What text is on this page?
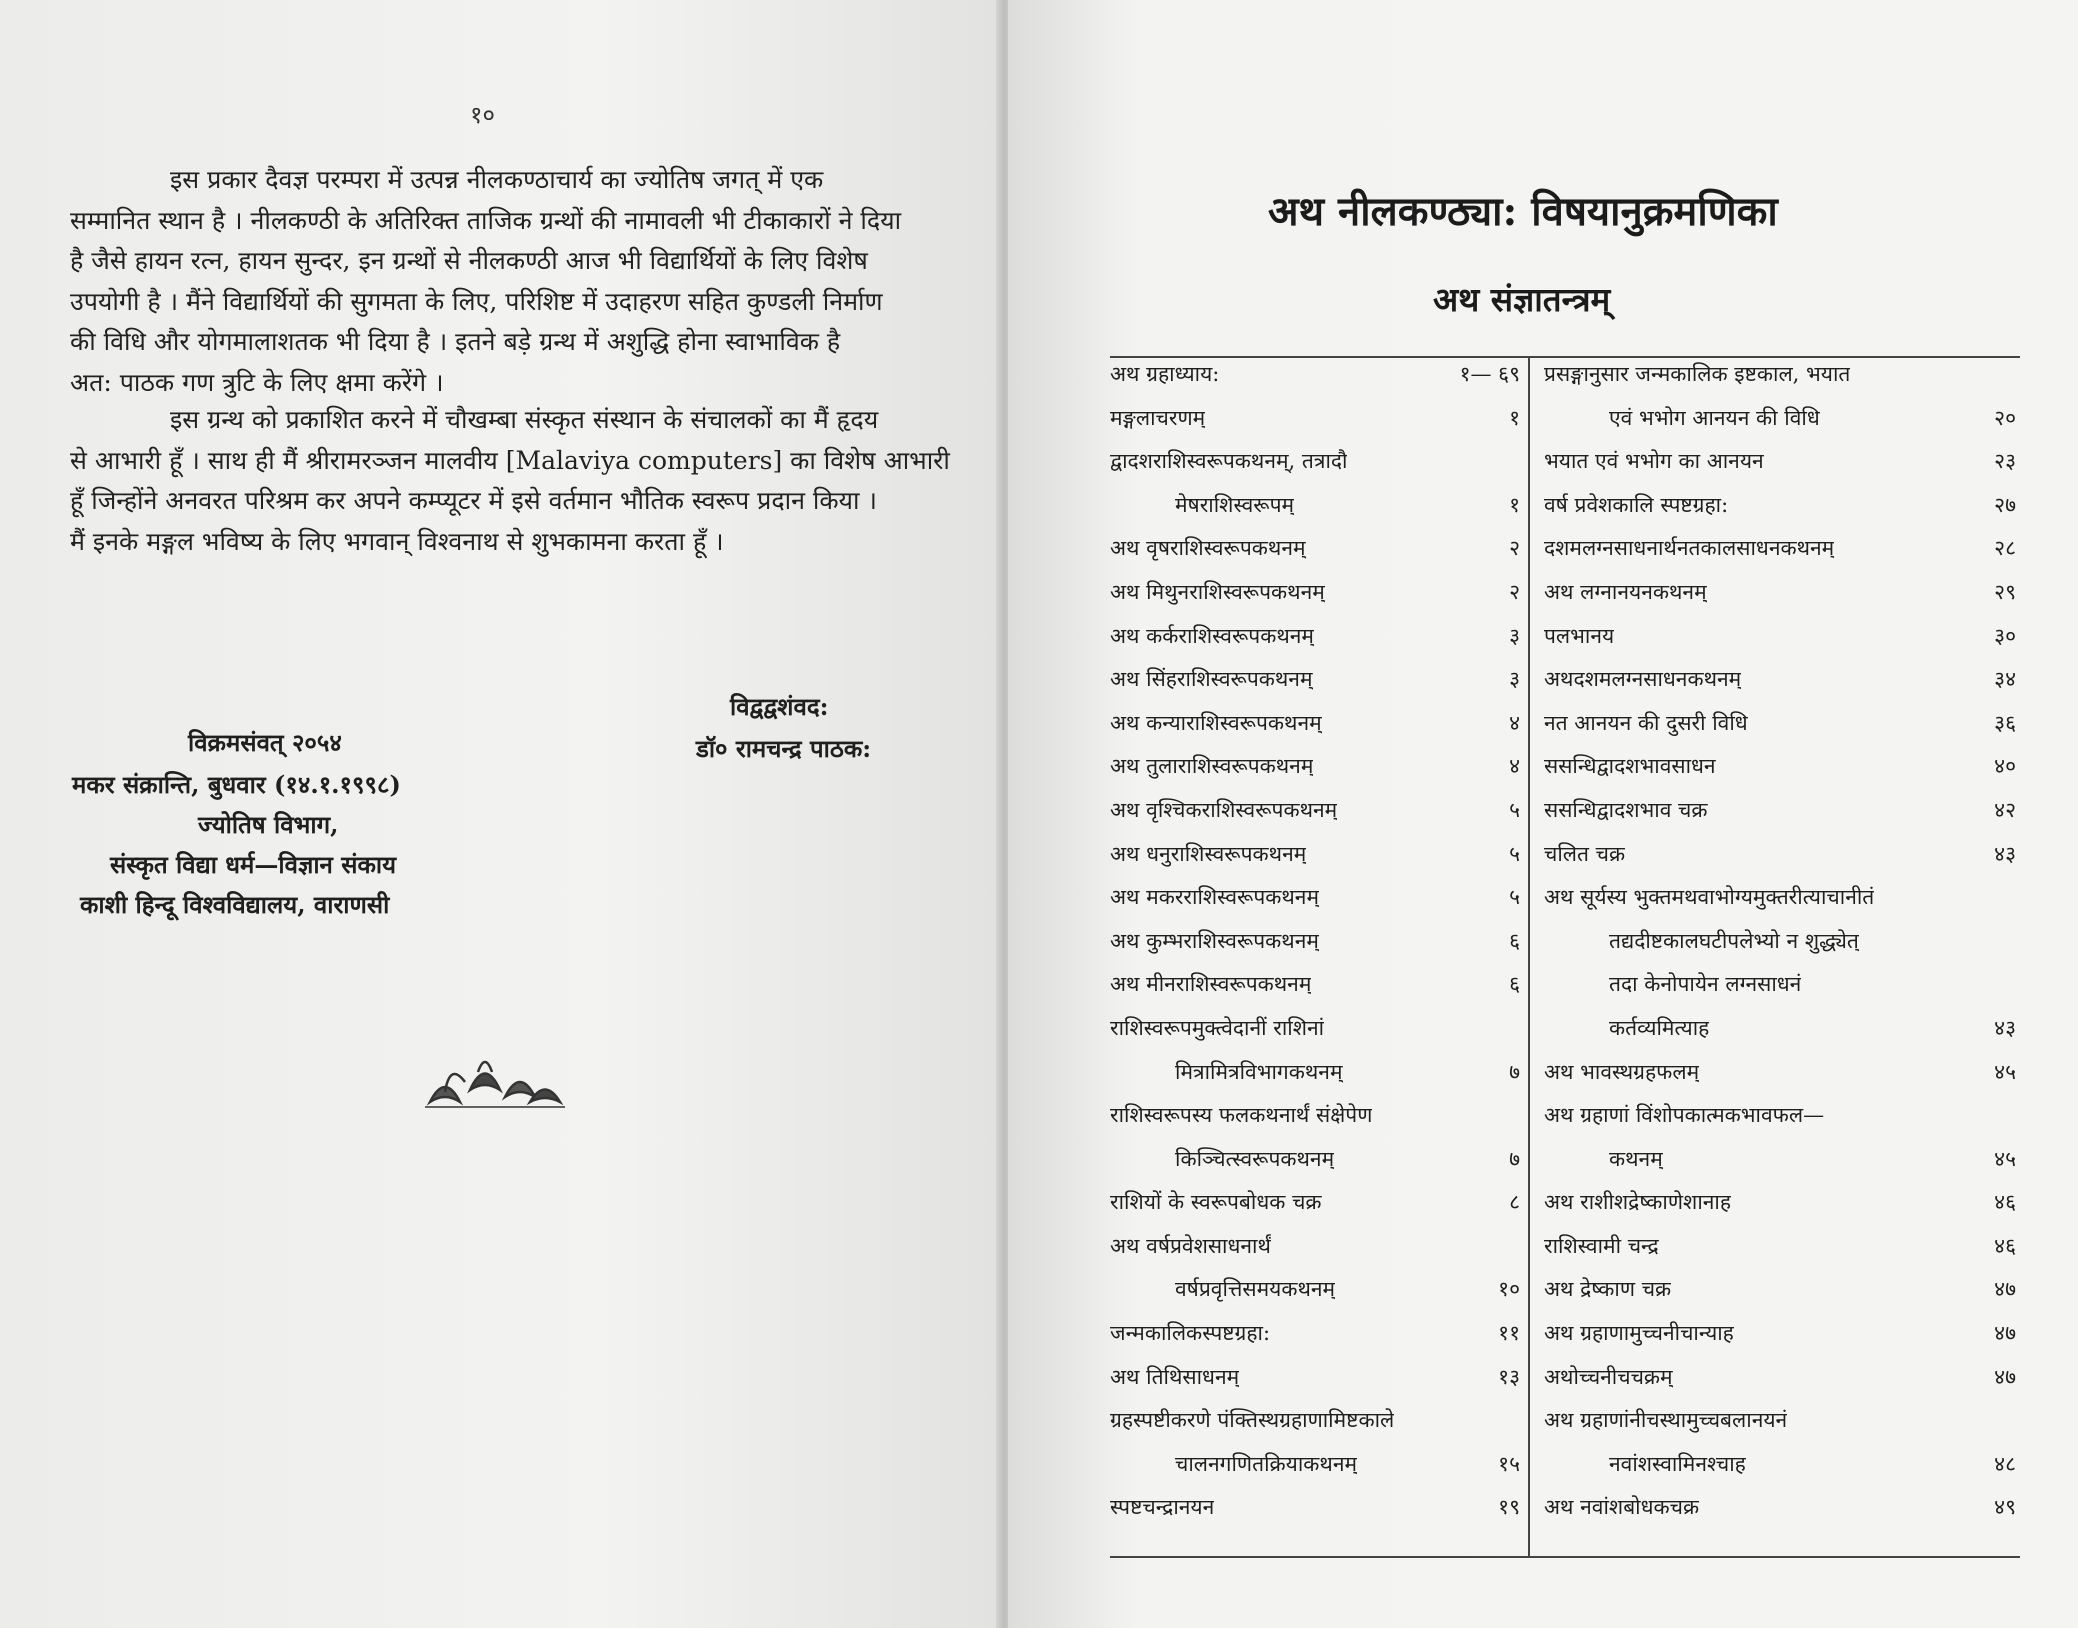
१०
इस प्रकार दैवज्ञ परम्परा में उत्पन्न नीलकण्ठाचार्य का ज्योतिष जगत् में एक
सम्मानित स्थान है । नीलकण्ठी के अतिरिक्त ताजिक ग्रन्थों की नामावली भी टीकाकारों ने दिया
है जैसे हायन रत्न, हायन सुन्दर, इन ग्रन्थों से नीलकण्ठी आज भी विद्यार्थियों के लिए विशेष
उपयोगी है । मैंने विद्यार्थियों की सुगमता के लिए, परिशिष्ट में उदाहरण सहित कुण्डली निर्माण
की विधि और योगमालाशतक भी दिया है । इतने बड़े ग्रन्थ में अशुद्धि होना स्वाभाविक है
अत: पाठक गण त्रुटि के लिए क्षमा करेंगे ।
इस ग्रन्थ को प्रकाशित करने में चौखम्बा संस्कृत संस्थान के संचालकों का मैं हृदय
से आभारी हूँ । साथ ही मैं श्रीरामरञ्जन मालवीय [Malaviya computers] का विशेष आभारी
हूँ जिन्होंने अनवरत परिश्रम कर अपने कम्प्यूटर में इसे वर्तमान भौतिक स्वरूप प्रदान किया ।
मैं इनके मङ्गल भविष्य के लिए भगवान् विश्वनाथ से शुभकामना करता हूँ ।
विद्वद्वशंवद:
डॉ० रामचन्द्र पाठक:
विक्रमसंवत् २०५४
मकर संक्रान्ति, बुधवार (१४.१.१९९८)
ज्योतिष विभाग,
संस्कृत विद्या धर्म—विज्ञान संकाय
काशी हिन्दू विश्वविद्यालय, वाराणसी
अथ नीलकण्ठ्या: विषयानुक्रमणिका
अथ संज्ञातन्त्रम्
अथ ग्रहाध्याय:	१— ६९
मङ्गलाचरणम्	१
द्वादशराशिस्वरूपकथनम्, तत्रादौ
मेषराशिस्वरूपम्	१
अथ वृषराशिस्वरूपकथनम्	२
अथ मिथुनराशिस्वरूपकथनम्	२
अथ कर्कराशिस्वरूपकथनम्	३
अथ सिंहराशिस्वरूपकथनम्	३
अथ कन्याराशिस्वरूपकथनम्	४
अथ तुलाराशिस्वरूपकथनम्	४
अथ वृश्चिकराशिस्वरूपकथनम्	५
अथ धनुराशिस्वरूपकथनम्	५
अथ मकरराशिस्वरूपकथनम्	५
अथ कुम्भराशिस्वरूपकथनम्	६
अथ मीनराशिस्वरूपकथनम्	६
राशिस्वरूपमुक्त्वेदानीं राशिनां
मित्रामित्रविभागकथनम्	७
राशिस्वरूपस्य फलकथनार्थं संक्षेपेण
किञ्चित्स्वरूपकथनम्	७
राशियों के स्वरूपबोधक चक्र	८
अथ वर्षप्रवेशसाधनार्थं
वर्षप्रवृत्तिसमयकथनम्	१०
जन्मकालिकस्पष्टग्रहा:	११
अथ तिथिसाधनम्	१३
ग्रहस्पष्टीकरणे पंक्तिस्थग्रहाणामिष्टकाले
चालनगणितक्रियाकथनम्	१५
स्पष्टचन्द्रानयन	१९
प्रसङ्गानुसार जन्मकालिक इष्टकाल, भयात
एवं भभोग आनयन की विधि	२०
भयात एवं भभोग का आनयन	२३
वर्ष प्रवेशकालि स्पष्टग्रहा:	२७
दशमलग्नसाधनार्थनतकालसाधनकथनम्	२८
अथ लग्नानयनकथनम्	२९
पलभानय	३०
अथदशमलग्नसाधनकथनम्	३४
नत आनयन की दुसरी विधि	३६
ससन्धिद्वादशभावसाधन	४०
ससन्धिद्वादशभाव चक्र	४२
चलित चक्र	४३
अथ सूर्यस्य भुक्तमथवाभोग्यमुक्तरीत्याचानीतं
तद्यदीष्टकालघटीपलेभ्यो न शुद्ध्येत्
तदा केनोपायेन लग्नसाधनं
कर्तव्यमित्याह	४३
अथ भावस्थग्रहफलम्	४५
अथ ग्रहाणां विंशोपकात्मकभावफल—
कथनम्	४५
अथ राशीशद्रेष्काणेशानाह	४६
राशिस्वामी चन्द्र	४६
अथ द्रेष्काण चक्र	४७
अथ ग्रहाणामुच्चनीचान्याह	४७
अथोच्चनीचचक्रम्	४७
अथ ग्रहाणांनीचस्थामुच्चबलानयनं
नवांशस्वामिनश्चाह	४८
अथ नवांशबोधकचक्र	४९
